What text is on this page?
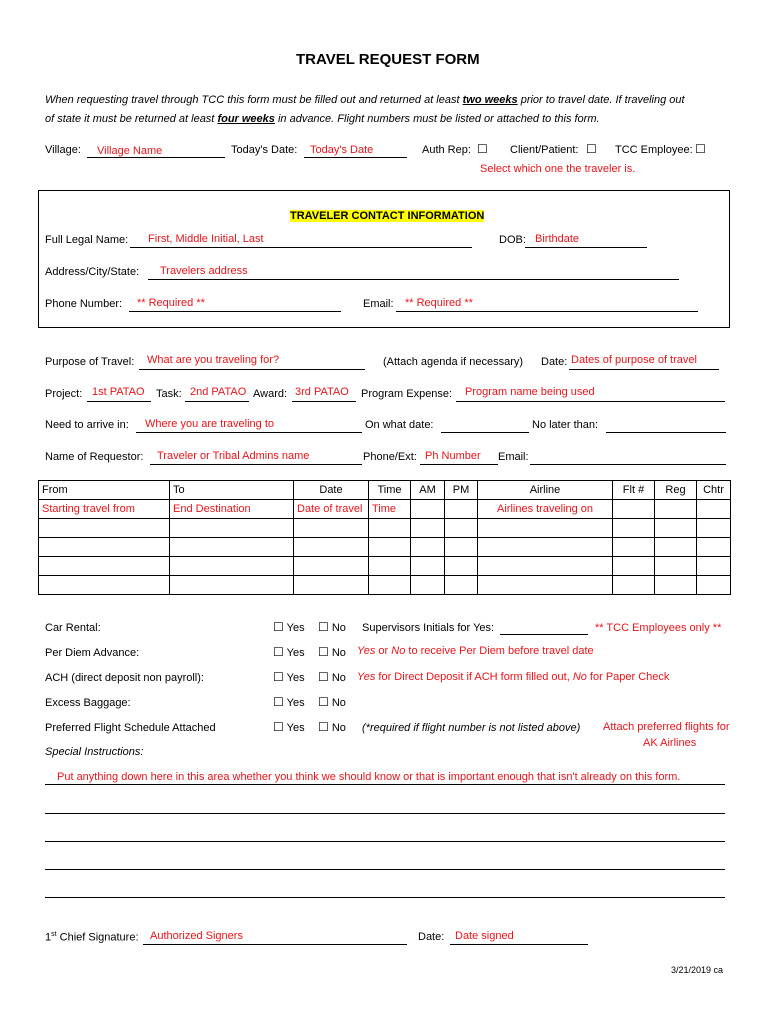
TRAVEL REQUEST FORM
When requesting travel through TCC this form must be filled out and returned at least two weeks prior to travel date. If traveling out
of state it must be returned at least four weeks in advance. Flight numbers must be listed or attached to this form.
Village: Village Name	Today's Date: Today's Date	Auth Rep: ☐ Client/Patient: ☐ TCC Employee: ☐
Select which one the traveler is.
TRAVELER CONTACT INFORMATION
Full Legal Name: First, Middle Initial, Last	DOB: Birthdate
Address/City/State: Travelers address
Phone Number: ** Required **	Email: ** Required **
Purpose of Travel: What are you traveling for?	(Attach agenda if necessary) Date: Dates of purpose of travel
Project: 1st PATAO Task: 2nd PATAO Award: 3rd PATAO Program Expense: Program name being used
Need to arrive in: Where you are traveling to	On what date:	No later than:
Name of Requestor: Traveler or Tribal Admins name	Phone/Ext: Ph Number Email:
From	To	Date	Time	AM	PM	Airline	Flt #	Reg	Chtr
Starting travel from	End Destination	Date of travel	Time			Airlines traveling on			

Car Rental:	☐ Yes ☐ No Supervisors Initials for Yes:	** TCC Employees only **
Per Diem Advance:	☐ Yes ☐ No Yes or No to receive Per Diem before travel date
ACH (direct deposit non payroll):	☐ Yes ☐ No Yes for Direct Deposit if ACH form filled out, No for Paper Check
Excess Baggage:	☐ Yes ☐ No
Preferred Flight Schedule Attached	☐ Yes ☐ No (*required if flight number is not listed above) Attach preferred flights for
AK Airlines
Special Instructions:
Put anything down here in this area whether you think we should know or that is important enough that isn't already on this form.
1st Chief Signature: Authorized Signers	Date: Date signed
3/21/2019 ca
